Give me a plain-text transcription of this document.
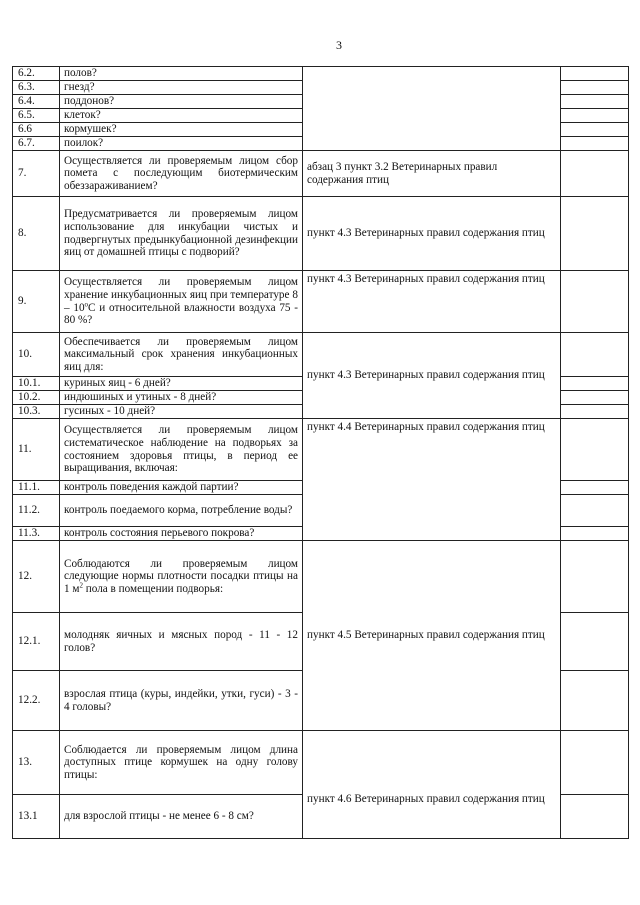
3
6.2.	полов?		
6.3.	гнезд?		
6.4.	поддонов?		
6.5.	клеток?		
6.6	кормушек?		
6.7.	поилок?		
7.	Осуществляется ли проверяемым лицом сбор помета с последующим биотермическим обеззараживанием?	абзац 3 пункт 3.2 Ветеринарных правил содержания птиц	
8.	Предусматривается ли проверяемым лицом использование для инкубации чистых и подвергнутых предынкубационной дезинфекции яиц от домашней птицы с подворий?	пункт 4.3 Ветеринарных правил содержания птиц	
9.	Осуществляется ли проверяемым лицом хранение инкубационных яиц при температуре $8 - 10^оС$ и относительной влажности воздуха 75 - 80 %?	пункт 4.3 Ветеринарных правил содержания птиц	
10.	Обеспечивается ли проверяемым лицом максимальный срок хранения инкубационных яиц для:	пункт 4.3 Ветеринарных правил содержания птиц	
10.1.	куриных яиц - 6 дней?		
10.2.	индюшиных и утиных - 8 дней?		
10.3.	гусиных - 10 дней?		
11.	Осуществляется ли проверяемым лицом систематическое наблюдение на подворьях за состоянием здоровья птицы, в период ее выращивания, включая:	пункт 4.4 Ветеринарных правил содержания птиц	
11.1.	контроль поведения каждой партии?		
11.2.	контроль поедаемого корма, потребление воды?		
11.3.	контроль состояния перьевого покрова?		
12.	Соблюдаются ли проверяемым лицом следующие нормы плотности посадки птицы на 1 $м^2$ пола в помещении подворья:	пункт 4.5 Ветеринарных правил содержания птиц	
12.1.	молодняк яичных и мясных пород - 11 - 12 голов?		
12.2.	взрослая птица (куры, индейки, утки, гуси) - 3 - 4 головы?		
13.	Соблюдается ли проверяемым лицом длина доступных птице кормушек на одну голову птицы:	пункт 4.6 Ветеринарных правил содержания птиц	
13.1	для взрослой птицы - не менее 6 - 8 см?		
